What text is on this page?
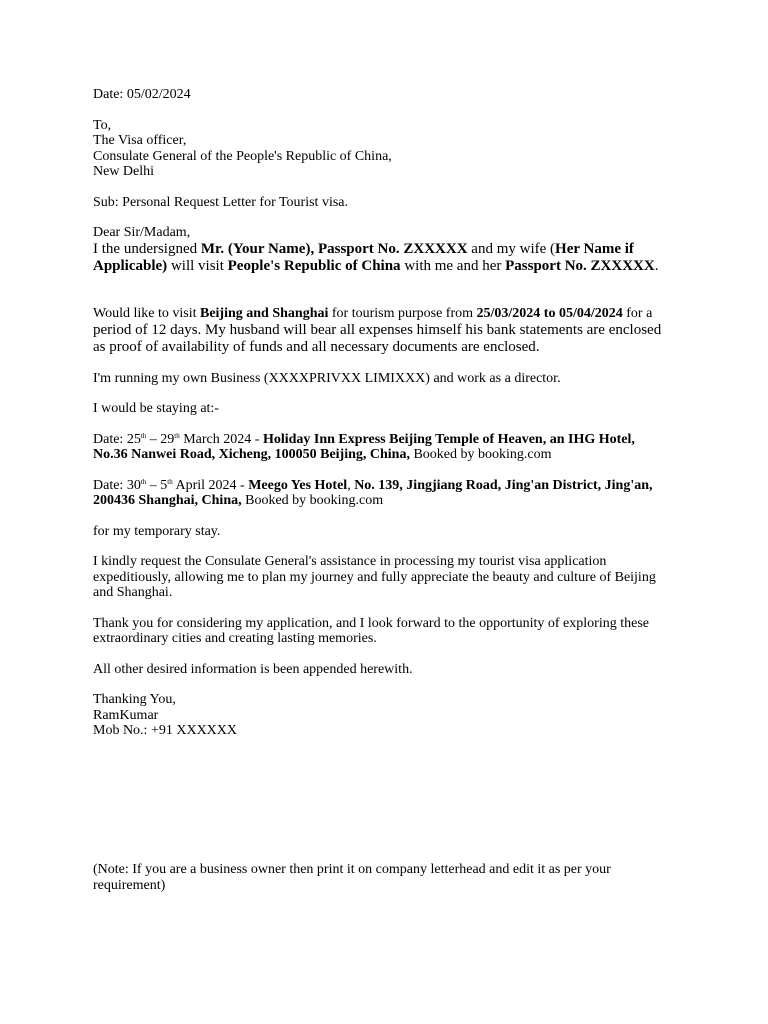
Date: 05/02/2024
To,
The Visa officer,
Consulate General of the People's Republic of China,
New Delhi
Sub: Personal Request Letter for Tourist visa.
Dear Sir/Madam,
I the undersigned Mr. (Your Name), Passport No. ZXXXXX and my wife (Her Name if
Applicable) will visit People's Republic of China with me and her Passport No. ZXXXXX.
Would like to visit Beijing and Shanghai for tourism purpose from 25/03/2024 to 05/04/2024 for a
period of 12 days. My husband will bear all expenses himself his bank statements are enclosed
as proof of availability of funds and all necessary documents are enclosed.
I'm running my own Business (XXXXPRIVXX LIMIXXX) and work as a director.
I would be staying at:-
Date: 25th – 29th March 2024 - Holiday Inn Express Beijing Temple of Heaven, an IHG Hotel,
No.36 Nanwei Road, Xicheng, 100050 Beijing, China, Booked by booking.com
Date: 30th – 5th April 2024 - Meego Yes Hotel, No. 139, Jingjiang Road, Jing'an District, Jing'an,
200436 Shanghai, China, Booked by booking.com
for my temporary stay.
I kindly request the Consulate General's assistance in processing my tourist visa application
expeditiously, allowing me to plan my journey and fully appreciate the beauty and culture of Beijing
and Shanghai.
Thank you for considering my application, and I look forward to the opportunity of exploring these
extraordinary cities and creating lasting memories.
All other desired information is been appended herewith.
Thanking You,
RamKumar
Mob No.: +91 XXXXXX
(Note: If you are a business owner then print it on company letterhead and edit it as per your
requirement)
